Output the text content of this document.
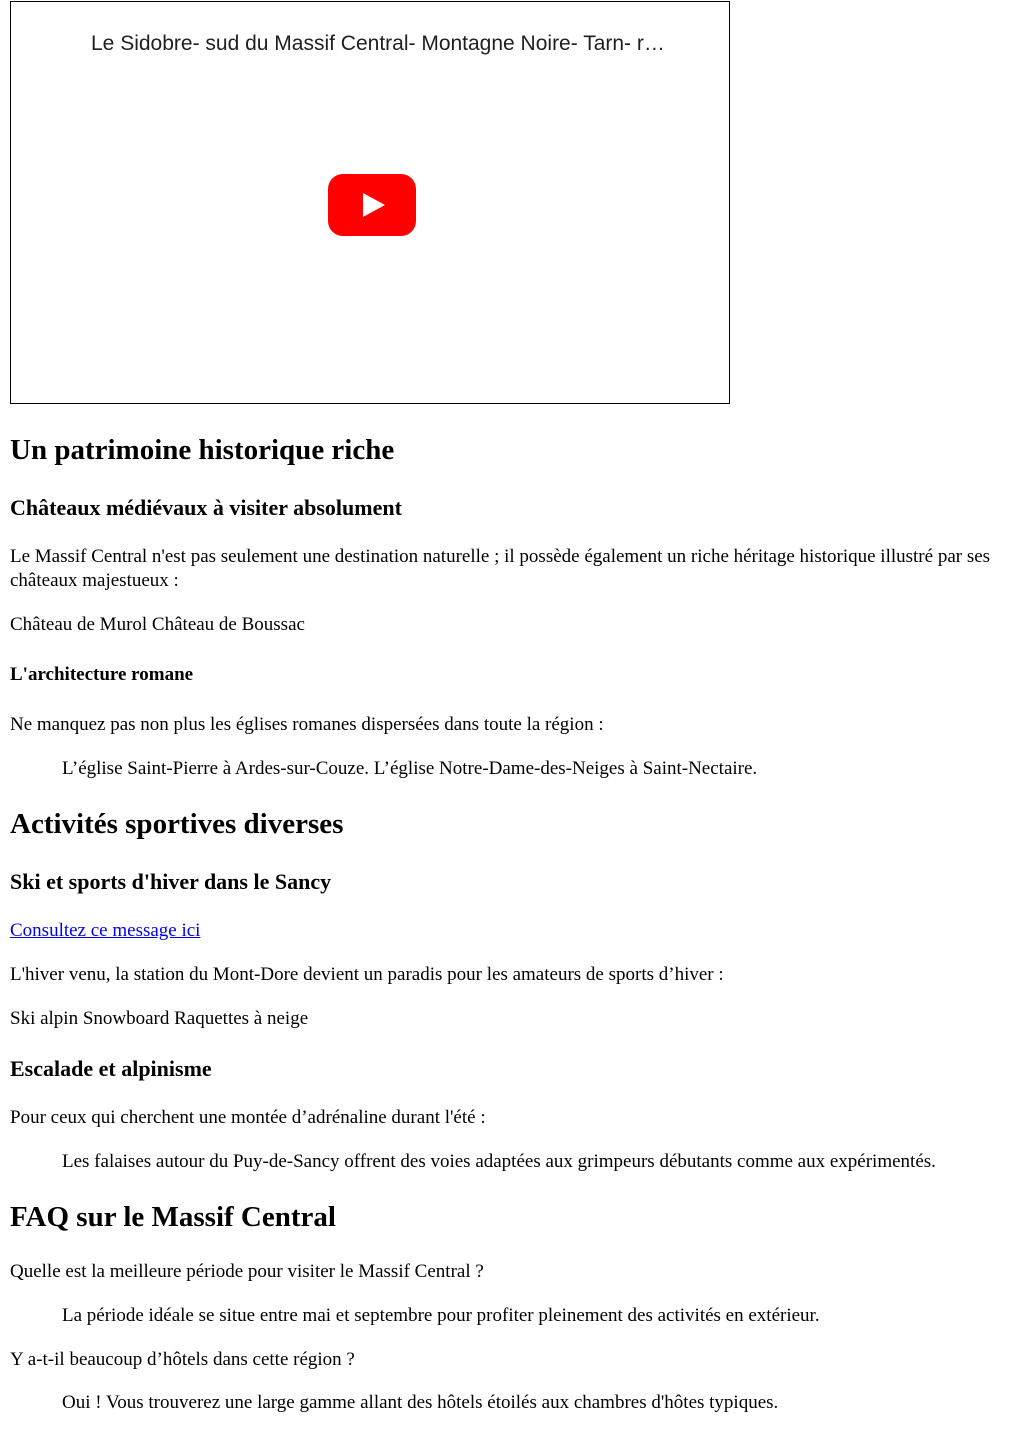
Le Sidobre- sud du Massif Central- Montagne Noire- Tarn- r…
Un patrimoine historique riche
Châteaux médiévaux à visiter absolument

Le Massif Central n'est pas seulement une destination naturelle ; il possède également un riche héritage historique illustré par ses châteaux majestueux :

Château de Murol Château de Boussac

L'architecture romane

Ne manquez pas non plus les églises romanes dispersées dans toute la région :

L’église Saint-Pierre à Ardes-sur-Couze. L’église Notre-Dame-des-Neiges à Saint-Nectaire.
Activités sportives diverses
Ski et sports d'hiver dans le Sancy

Consultez ce message ici

L'hiver venu, la station du Mont-Dore devient un paradis pour les amateurs de sports d’hiver :

Ski alpin Snowboard Raquettes à neige

Escalade et alpinisme

Pour ceux qui cherchent une montée d’adrénaline durant l'été :

Les falaises autour du Puy-de-Sancy offrent des voies adaptées aux grimpeurs débutants comme aux expérimentés.
FAQ sur le Massif Central

Quelle est la meilleure période pour visiter le Massif Central ?

La période idéale se situe entre mai et septembre pour profiter pleinement des activités en extérieur.

Y a-t-il beaucoup d’hôtels dans cette région ?

Oui ! Vous trouverez une large gamme allant des hôtels étoilés aux chambres d'hôtes typiques.
